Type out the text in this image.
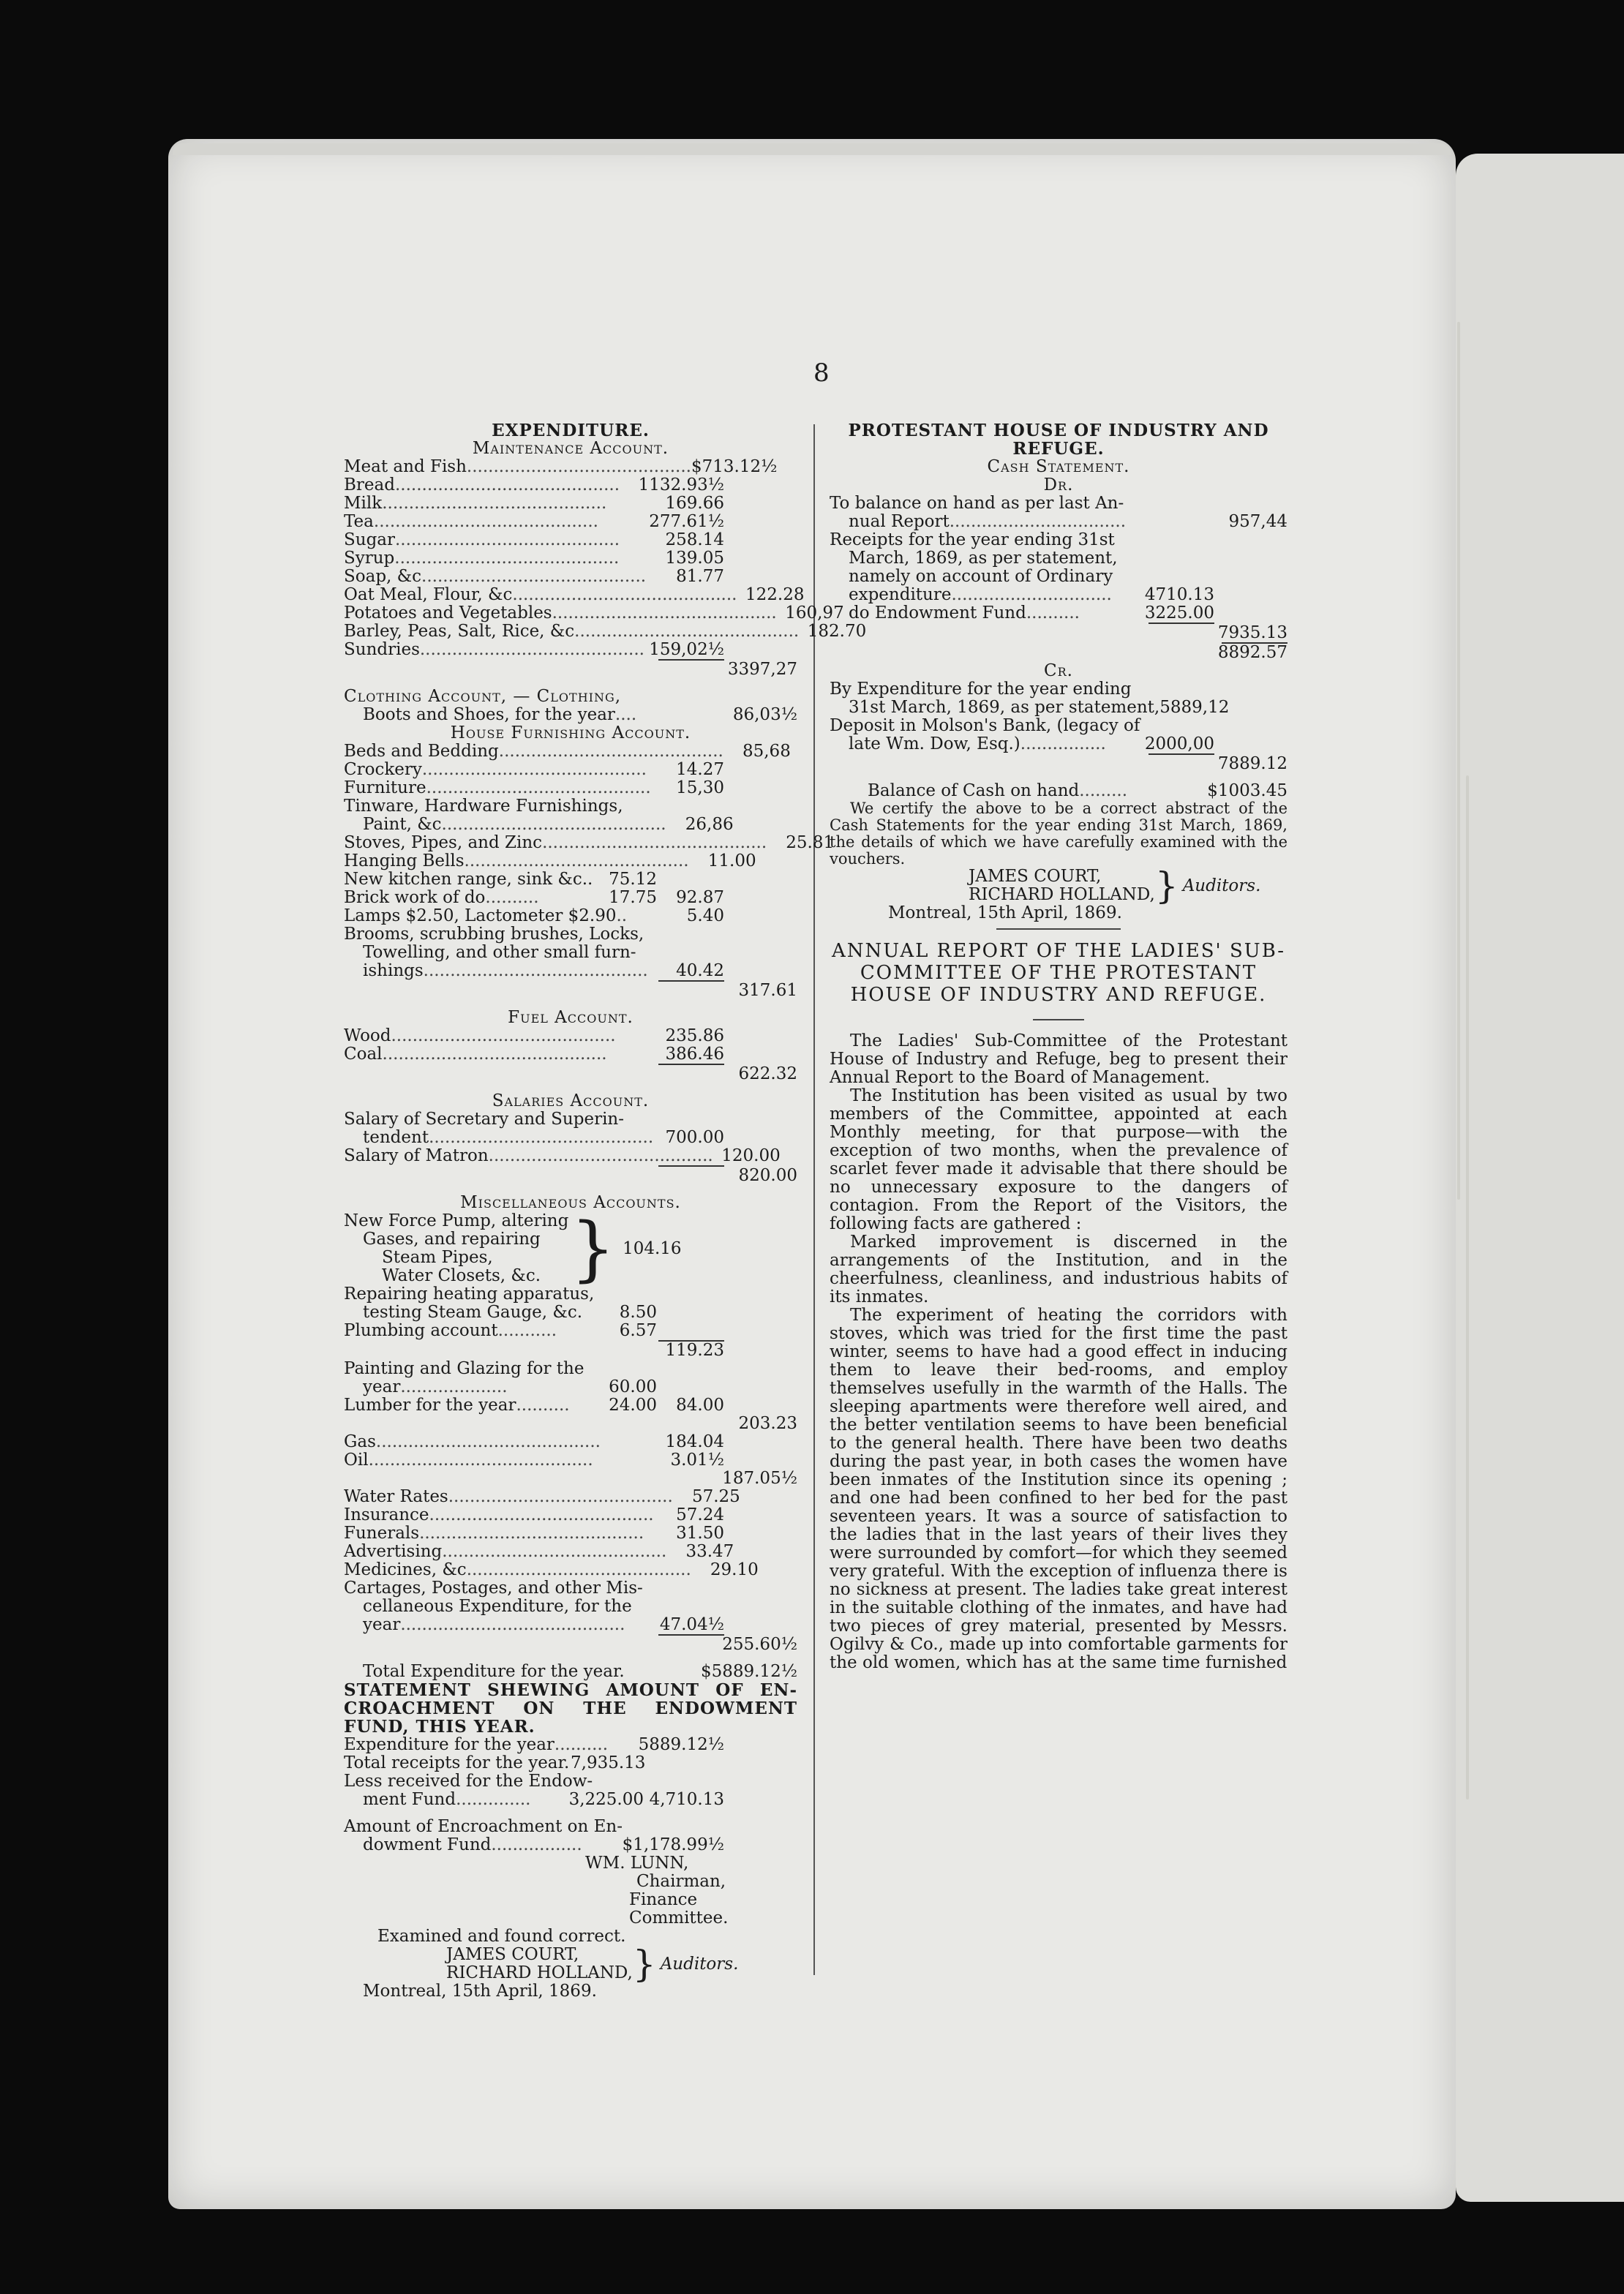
8
EXPENDITURE.
Maintenance Account.
Meat and Fish .......................................... $713.12½
Bread ..........................................	1132.93½
Milk ..........................................	169.66
Tea ..........................................	277.61½
Sugar ..........................................	258.14
Syrup ..........................................	139.05
Soap, &c ..........................................	81.77
Oat Meal, Flour, &c .......................................... 122.28
Potatoes and Vegetables .......................................... 160,97
Barley, Peas, Salt, Rice, &c .......................................... 182.70
Sundries .......................................... 159,02½
3397,27
Clothing Account, — Clothing,
Boots and Shoes, for the year ....	86,03½
House Furnishing Account.
Beds and Bedding ..........................................	85,68
Crockery ..........................................	14.27
Furniture ..........................................	15,30
Tinware, Hardware Furnishings,
Paint, &c ..........................................	26,86
Stoves, Pipes, and Zinc ..........................................	25.81
Hanging Bells ..........................................	11.00
New kitchen range, sink &c.. 75.12
Brick work of do ..........	17.75	92.87
Lamps $2.50, Lactometer $2.90 ..	5.40
Brooms, scrubbing brushes, Locks,
Towelling, and other small furn-
ishings ..........................................	40.42
317.61
Fuel Account.
Wood ..........................................	235.86
Coal ..........................................	386.46
622.32
Salaries Account.
Salary of Secretary and Superin-
tendent .......................................... 700.00
Salary of Matron .......................................... 120.00
820.00
Miscellaneous Accounts.
New Force Pump, altering
Gases, and repairing
Steam Pipes,
Water Closets, &c. } 104.16
Repairing heating apparatus,
testing Steam Gauge, &c.	8.50
Plumbing account ...........	6.57
119.23
Painting and Glazing for the
year ....................	60.00
Lumber for the year ..........	24.00	84.00
203.23
Gas ..........................................	184.04
Oil ..........................................	3.01½
187.05½
Water Rates ..........................................	57.25
Insurance ..........................................	57.24
Funerals ..........................................	31.50
Advertising ..........................................	33.47
Medicines, &c ..........................................	29.10
Cartages, Postages, and other Mis-
cellaneous Expenditure, for the
year ..........................................	47.04½
255.60½
Total Expenditure for the year.	$5889.12½
STATEMENT SHEWING AMOUNT OF EN-CROACHMENT ON THE ENDOWMENT FUND, THIS YEAR.
Expenditure for the year ..........	5889.12½
Total receipts for the year. 7,935.13
Less received for the Endow-
ment Fund ..............	3,225.00 4,710.13
Amount of Encroachment on En-
dowment Fund .................	$1,178.99½
WM. LUNN,
Chairman,
Finance Committee.
Examined and found correct.
JAMES COURT,
RICHARD HOLLAND, } Auditors.
Montreal, 15th April, 1869.
PROTESTANT HOUSE OF INDUSTRY AND REFUGE.
Cash Statement.
Dr.
To balance on hand as per last An-
nual Report .................................	957,44
Receipts for the year ending 31st
March, 1869, as per statement,
namely on account of Ordinary
expenditure ..............................	4710.13
do Endowment Fund ..........	3225.00
7935.13
8892.57
Cr.
By Expenditure for the year ending
31st March, 1869, as per statement, 5889,12
Deposit in Molson's Bank, (legacy of
late Wm. Dow, Esq.) ................	2000,00
7889.12
Balance of Cash on hand .........	$1003.45
We certify the above to be a correct abstract of the Cash Statements for the year ending 31st March, 1869, the details of which we have carefully examined with the vouchers.
JAMES COURT,
RICHARD HOLLAND, } Auditors.
Montreal, 15th April, 1869.
ANNUAL REPORT OF THE LADIES' SUB-COMMITTEE OF THE PROTESTANT HOUSE OF INDUSTRY AND REFUGE.
The Ladies' Sub-Committee of the Protestant House of Industry and Refuge, beg to present their Annual Report to the Board of Management.
The Institution has been visited as usual by two members of the Committee, appointed at each Monthly meeting, for that purpose—with the exception of two months, when the prevalence of scarlet fever made it advisable that there should be no unnecessary exposure to the dangers of contagion. From the Report of the Visitors, the following facts are gathered :
Marked improvement is discerned in the arrangements of the Institution, and in the cheerfulness, cleanliness, and industrious habits of its inmates.
The experiment of heating the corridors with stoves, which was tried for the first time the past winter, seems to have had a good effect in inducing them to leave their bed-rooms, and employ themselves usefully in the warmth of the Halls. The sleeping apartments were therefore well aired, and the better ventilation seems to have been beneficial to the general health. There have been two deaths during the past year, in both cases the women have been inmates of the Institution since its opening ; and one had been confined to her bed for the past seventeen years. It was a source of satisfaction to the ladies that in the last years of their lives they were surrounded by comfort—for which they seemed very grateful. With the exception of influenza there is no sickness at present. The ladies take great interest in the suitable clothing of the inmates, and have had two pieces of grey material, presented by Messrs. Ogilvy & Co., made up into comfortable garments for the old women, which has at the same time furnished
